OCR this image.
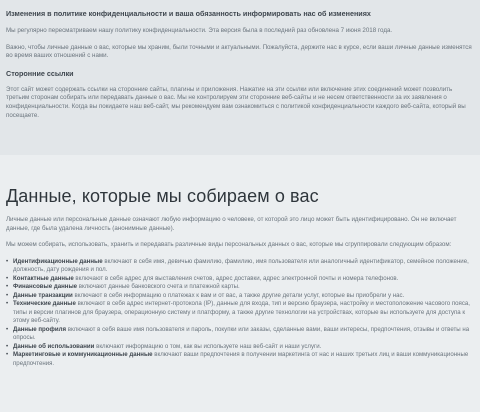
Изменения в политике конфиденциальности и ваша обязанность информировать нас об изменениях

Мы регулярно пересматриваем нашу политику конфиденциальности. Эта версия была в последний раз обновлена 7 июня 2018 года.

Важно, чтобы личные данные о вас, которые мы храним, были точными и актуальными. Пожалуйста, держите нас в курсе, если ваши личные данные изменятся во время ваших отношений с нами.

Сторонние ссылки

Этот сайт может содержать ссылки на сторонние сайты, плагины и приложения. Нажатие на эти ссылки или включение этих соединений может позволить третьим сторонам собирать или передавать данные о вас. Мы не контролируем эти сторонние веб-сайты и не несем ответственности за их заявления о конфиденциальности. Когда вы покидаете наш веб-сайт, мы рекомендуем вам ознакомиться с политикой конфиденциальности каждого веб-сайта, который вы посещаете.

Данные, которые мы собираем о вас

Личные данные или персональные данные означают любую информацию о человеке, от которой это лицо может быть идентифицировано. Он не включает данные, где была удалена личность (анонимные данные).

Мы можем собирать, использовать, хранить и передавать различные виды персональных данных о вас, которые мы сгруппировали следующим образом:

• Идентификационные данные включают в себя имя, девичью фамилию, фамилию, имя пользователя или аналогичный идентификатор, семейное положение, должность, дату рождения и пол.
• Контактные данные включают в себя адрес для выставления счетов, адрес доставки, адрес электронной почты и номера телефонов.
• Финансовые данные включают данные банковского счета и платежной карты.
• Данные транзакции включают в себя информацию о платежах к вам и от вас, а также другие детали услуг, которые вы приобрели у нас.
• Технические данные включают в себя адрес интернет-протокола (IP), данные для входа, тип и версию браузера, настройку и местоположение часового пояса, типы и версии плагинов для браузера, операционную систему и платформу, а также другие технологии на устройствах, которые вы используете для доступа к этому веб-сайту.
• Данные профиля включают в себя ваше имя пользователя и пароль, покупки или заказы, сделанные вами, ваши интересы, предпочтения, отзывы и ответы на опросы.
• Данные об использовании включают информацию о том, как вы используете наш веб-сайт и наши услуги.
• Маркетинговые и коммуникационные данные включают ваши предпочтения в получении маркетинга от нас и наших третьих лиц и ваши коммуникационные предпочтения.
